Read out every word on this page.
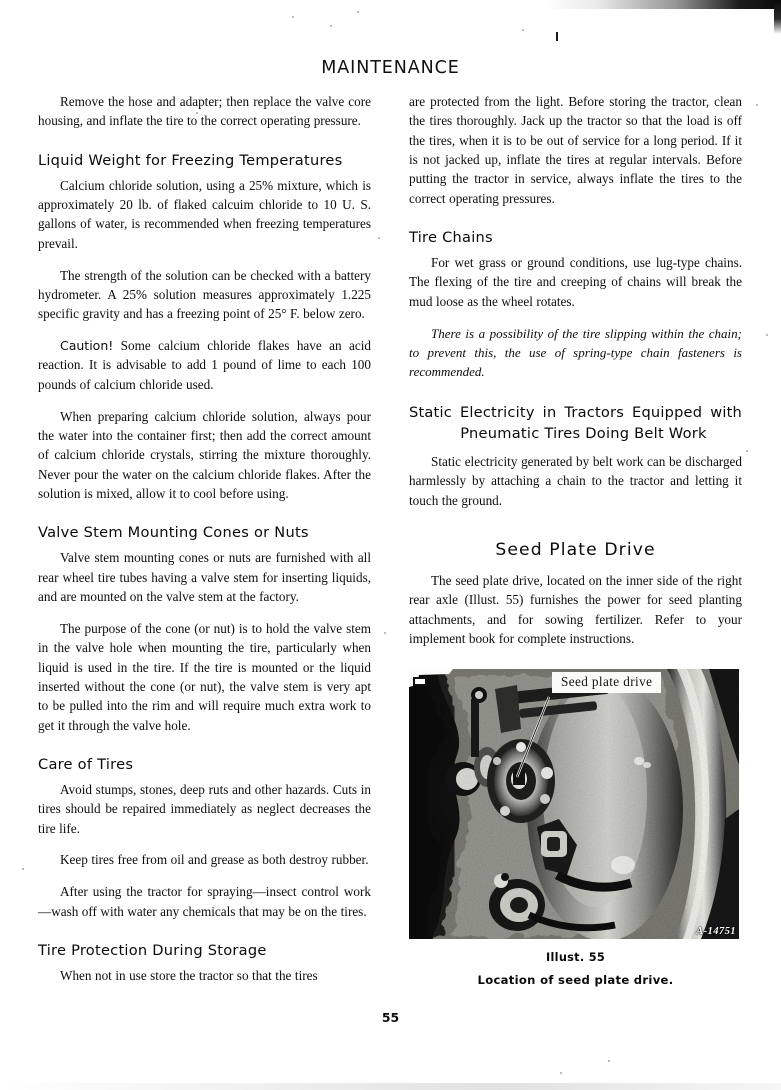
MAINTENANCE

Remove the hose and adapter; then replace the valve core housing, and inflate the tire to the correct operating pressure.

Liquid Weight for Freezing Temperatures

Calcium chloride solution, using a 25% mixture, which is approximately 20 lb. of flaked calcuim chloride to 10 U. S. gallons of water, is recommended when freezing temperatures prevail.

The strength of the solution can be checked with a battery hydrometer. A 25% solution measures approximately 1.225 specific gravity and has a freezing point of 25° F. below zero.

Caution! Some calcium chloride flakes have an acid reaction. It is advisable to add 1 pound of lime to each 100 pounds of calcium chloride used.

When preparing calcium chloride solution, always pour the water into the container first; then add the correct amount of calcium chloride crystals, stirring the mixture thoroughly. Never pour the water on the calcium chloride flakes. After the solution is mixed, allow it to cool before using.

Valve Stem Mounting Cones or Nuts

Valve stem mounting cones or nuts are furnished with all rear wheel tire tubes having a valve stem for inserting liquids, and are mounted on the valve stem at the factory.

The purpose of the cone (or nut) is to hold the valve stem in the valve hole when mounting the tire, particularly when liquid is used in the tire. If the tire is mounted or the liquid inserted without the cone (or nut), the valve stem is very apt to be pulled into the rim and will require much extra work to get it through the valve hole.

Care of Tires

Avoid stumps, stones, deep ruts and other hazards. Cuts in tires should be repaired immediately as neglect decreases the tire life.

Keep tires free from oil and grease as both destroy rubber.

After using the tractor for spraying—insect control work—wash off with water any chemicals that may be on the tires.

Tire Protection During Storage

When not in use store the tractor so that the tires

are protected from the light. Before storing the tractor, clean the tires thoroughly. Jack up the tractor so that the load is off the tires, when it is to be out of service for a long period. If it is not jacked up, inflate the tires at regular intervals. Before putting the tractor in service, always inflate the tires to the correct operating pressures.

Tire Chains

For wet grass or ground conditions, use lug-type chains. The flexing of the tire and creeping of chains will break the mud loose as the wheel rotates.

There is a possibility of the tire slipping within the chain; to prevent this, the use of spring-type chain fasteners is recommended.

Static Electricity in Tractors Equipped with
Pneumatic Tires Doing Belt Work

Static electricity generated by belt work can be discharged harmlessly by attaching a chain to the tractor and letting it touch the ground.

Seed Plate Drive

The seed plate drive, located on the inner side of the right rear axle (Illust. 55) furnishes the power for seed planting attachments, and for sowing fertilizer. Refer to your implement book for complete instructions.

Seed plate drive
A-14751
Illust. 55
Location of seed plate drive.
55
